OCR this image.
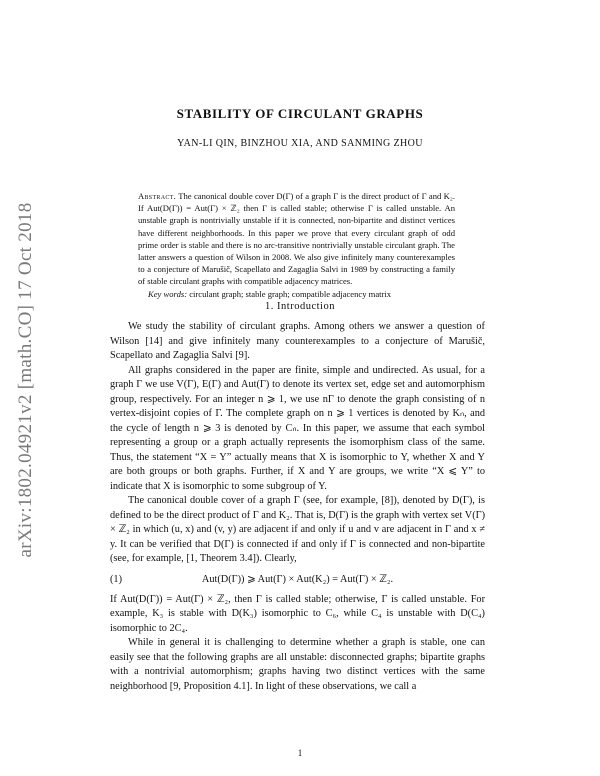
arXiv:1802.04921v2 [math.CO] 17 Oct 2018
STABILITY OF CIRCULANT GRAPHS
YAN-LI QIN, BINZHOU XIA, AND SANMING ZHOU

Abstract. The canonical double cover D(Γ) of a graph Γ is the direct product of Γ and K₂. If Aut(D(Γ)) = Aut(Γ) × ℤ₂ then Γ is called stable; otherwise Γ is called unstable. An unstable graph is nontrivially unstable if it is connected, non-bipartite and distinct vertices have different neighborhoods. In this paper we prove that every circulant graph of odd prime order is stable and there is no arc-transitive nontrivially unstable circulant graph. The latter answers a question of Wilson in 2008. We also give infinitely many counterexamples to a conjecture of Marušič, Scapellato and Zagaglia Salvi in 1989 by constructing a family of stable circulant graphs with compatible adjacency matrices.

Key words: circulant graph; stable graph; compatible adjacency matrix

1. Introduction

We study the stability of circulant graphs. Among others we answer a question of Wilson [14] and give infinitely many counterexamples to a conjecture of Marušič, Scapellato and Zagaglia Salvi [9].

All graphs considered in the paper are finite, simple and undirected. As usual, for a graph Γ we use V(Γ), E(Γ) and Aut(Γ) to denote its vertex set, edge set and automorphism group, respectively. For an integer n ⩾ 1, we use nΓ to denote the graph consisting of n vertex-disjoint copies of Γ. The complete graph on n ⩾ 1 vertices is denoted by Kₙ, and the cycle of length n ⩾ 3 is denoted by Cₙ. In this paper, we assume that each symbol representing a group or a graph actually represents the isomorphism class of the same. Thus, the statement “X = Y” actually means that X is isomorphic to Y, whether X and Y are both groups or both graphs. Further, if X and Y are groups, we write “X ⩽ Y” to indicate that X is isomorphic to some subgroup of Y.

The canonical double cover of a graph Γ (see, for example, [8]), denoted by D(Γ), is defined to be the direct product of Γ and K₂. That is, D(Γ) is the graph with vertex set V(Γ) × ℤ₂ in which (u, x) and (v, y) are adjacent if and only if u and v are adjacent in Γ and x ≠ y. It can be verified that D(Γ) is connected if and only if Γ is connected and non-bipartite (see, for example, [1, Theorem 3.4]). Clearly,

(1)	Aut(D(Γ)) ⩾ Aut(Γ) × Aut(K₂) = Aut(Γ) × ℤ₂.

If Aut(D(Γ)) = Aut(Γ) × ℤ₂, then Γ is called stable; otherwise, Γ is called unstable. For example, K₃ is stable with D(K₃) isomorphic to C₆, while C₄ is unstable with D(C₄) isomorphic to 2C₄.

While in general it is challenging to determine whether a graph is stable, one can easily see that the following graphs are all unstable: disconnected graphs; bipartite graphs with a nontrivial automorphism; graphs having two distinct vertices with the same neighborhood [9, Proposition 4.1]. In light of these observations, we call a

1
